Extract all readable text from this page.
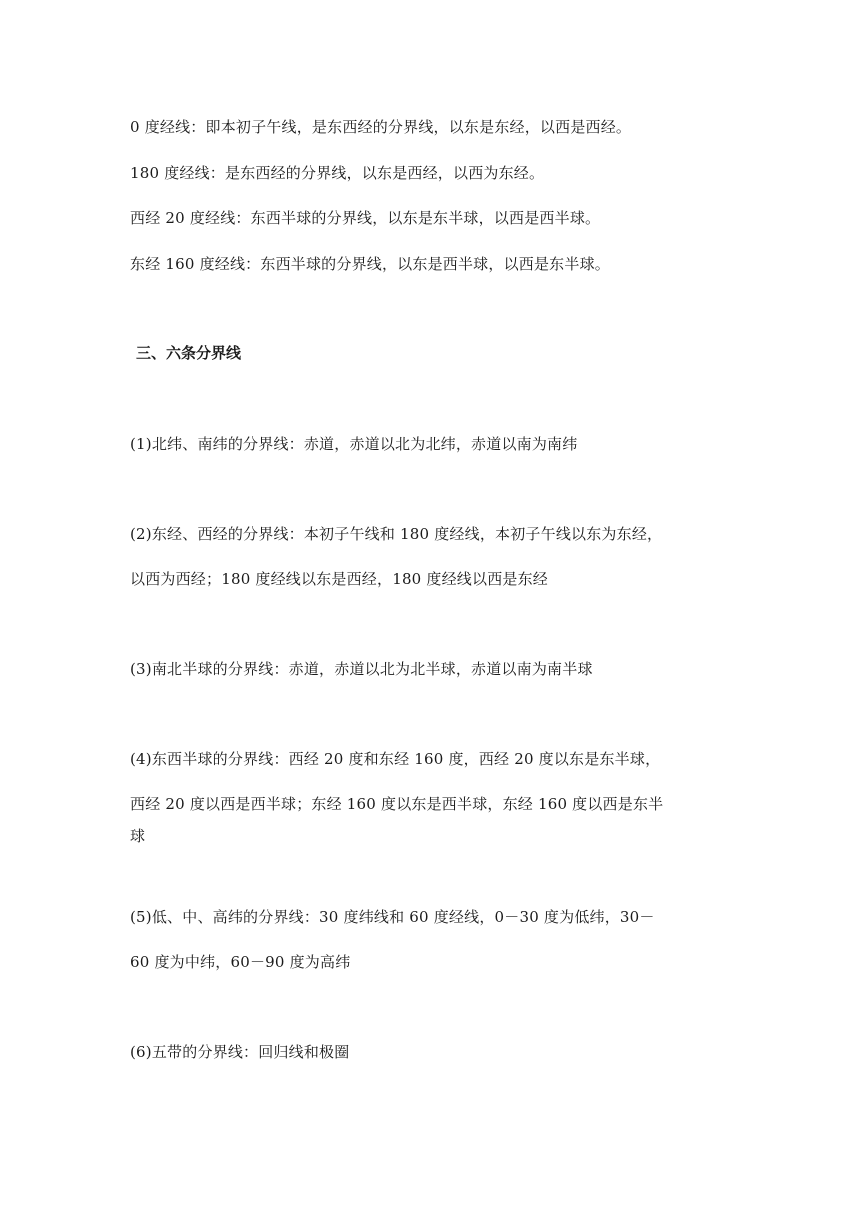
0 度经线：即本初子午线，是东西经的分界线，以东是东经，以西是西经。
180 度经线：是东西经的分界线，以东是西经，以西为东经。
西经 20 度经线：东西半球的分界线，以东是东半球，以西是西半球。
东经 160 度经线：东西半球的分界线，以东是西半球，以西是东半球。
三、六条分界线
(1)北纬、南纬的分界线：赤道，赤道以北为北纬，赤道以南为南纬
(2)东经、西经的分界线：本初子午线和 180 度经线，本初子午线以东为东经，
以西为西经；180 度经线以东是西经，180 度经线以西是东经
(3)南北半球的分界线：赤道，赤道以北为北半球，赤道以南为南半球
(4)东西半球的分界线：西经 20 度和东经 160 度，西经 20 度以东是东半球，
西经 20 度以西是西半球；东经 160 度以东是西半球，东经 160 度以西是东半
球
(5)低、中、高纬的分界线：30 度纬线和 60 度经线，0－30 度为低纬，30－
60 度为中纬，60－90 度为高纬
(6)五带的分界线：回归线和极圈
